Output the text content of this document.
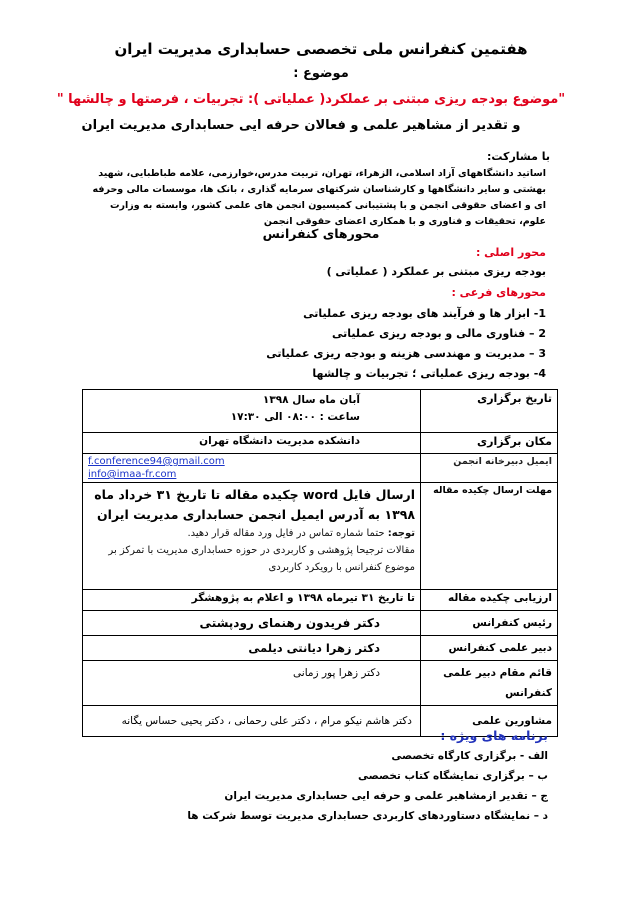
هفتمین کنفرانس ملی تخصصی حسابداری مدیریت ایران
موضوع :
"موضوع بودجه ریزی مبتنی بر عملکرد( عملیاتی ): تجربیات ، فرصتها و چالشها "
و تقدیر از مشاهیر علمی و فعالان حرفه ایی حسابداری مدیریت ایران
با مشارکت:
اساتید دانشگاههای آزاد اسلامی، الزهراء، تهران، تربیت مدرس،خوارزمی، علامه طباطبایی، شهید بهشتی و سایر دانشگاهها و کارشناسان شرکتهای سرمایه گذاری ، بانک ها، موسسات مالی وحرفه ای و اعضای حقوقی انجمن و با پشتیبانی کمیسیون انجمن های علمی کشور، وابسته به وزارت علوم، تحقیقات و فناوری و با همکاری اعضای حقوقی انجمن
محورهای کنفرانس
محور اصلی :
بودجه ریزی مبتنی بر عملکرد ( عملیاتی )
محورهای فرعی :
1- ابزار ها و فرآیند های بودجه ریزی عملیاتی
2 – فناوری مالی و بودجه ریزی عملیاتی
3 – مدیریت و مهندسی هزینه و بودجه ریزی عملیاتی
4- بودجه ریزی عملیاتی ؛ تجربیات و چالشها
تاریخ برگزاری	آبان ماه سال ۱۳۹۸
ساعت : ۰۸:۰۰ الی ۱۷:۳۰

مکان برگزاری	دانشکده مدیریت دانشگاه تهران
ایمیل دبیرخانه انجمن	f.conference94@gmail.com
info@imaa-fr.com

مهلت ارسال چکیده مقاله	ارسال فایل word چکیده مقاله تا تاریخ ۳۱ خرداد ماه ۱۳۹۸ به آدرس ایمیل انجمن حسابداری مدیریت ایران
توجه: حتما شماره تماس در فایل ورد مقاله قرار دهید.
مقالات ترجیحا پژوهشی و کاربردی در حوزه حسابداری مدیریت با تمرکز بر موضوع کنفرانس با رویکرد کاربردی

ارزیابی چکیده مقاله	تا تاریخ ۳۱ تیرماه ۱۳۹۸ و اعلام به پژوهشگر
رئیس کنفرانس	دکتر فریدون رهنمای رودپشتی
دبیر علمی کنفرانس	دکتر زهرا دیانتی دیلمی
قائم مقام دبیر علمی کنفرانس	دکتر زهرا پور زمانی
مشاورین علمی	دکتر هاشم نیکو مرام ، دکتر علی رحمانی ، دکتر یحیی حساس یگانه
برنامه های ویژه :
الف - برگزاری کارگاه تخصصی
ب – برگزاری نمایشگاه کتاب تخصصی
ج – تقدیر ازمشاهیر علمی و حرفه ایی حسابداری مدیریت ایران
د – نمایشگاه دستاوردهای کاربردی حسابداری مدیریت توسط شرکت ها
